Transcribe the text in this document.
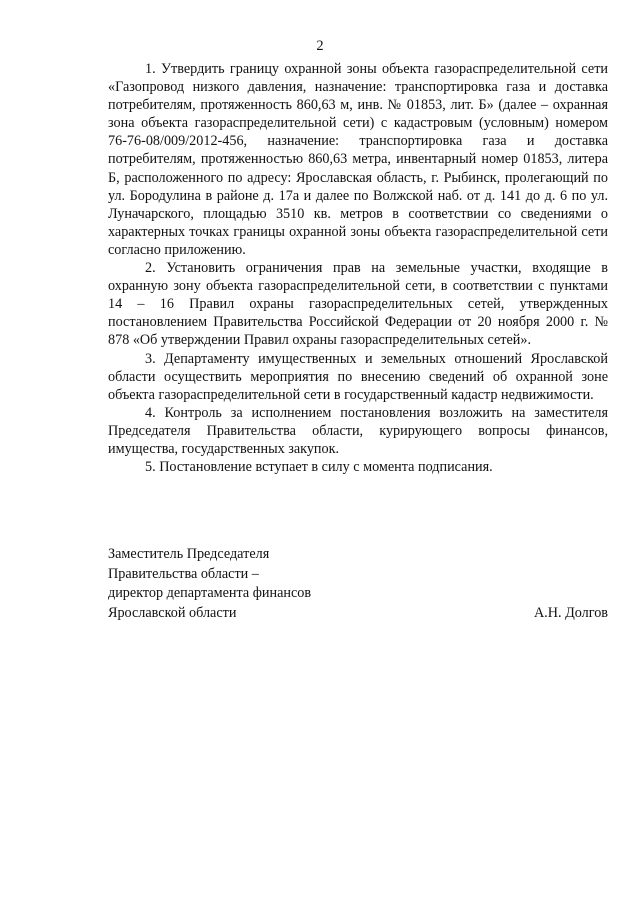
2

1. Утвердить границу охранной зоны объекта газораспределительной сети «Газопровод низкого давления, назначение: транспортировка газа и доставка потребителям, протяженность 860,63 м, инв. № 01853, лит. Б» (далее – охранная зона объекта газораспределительной сети) с кадастровым (условным) номером 76-76-08/009/2012-456, назначение: транспортировка газа и доставка потребителям, протяженностью 860,63 метра, инвентарный номер 01853, литера Б, расположенного по адресу: Ярославская область, г. Рыбинск, пролегающий по ул. Бородулина в районе д. 17а и далее по Волжской наб. от д. 141 до д. 6 по ул. Луначарского, площадью 3510 кв. метров в соответствии со сведениями о характерных точках границы охранной зоны объекта газораспределительной сети согласно приложению.

2. Установить ограничения прав на земельные участки, входящие в охранную зону объекта газораспределительной сети, в соответствии с пунктами 14 – 16 Правил охраны газораспределительных сетей, утвержденных постановлением Правительства Российской Федерации от 20 ноября 2000 г. № 878 «Об утверждении Правил охраны газораспределительных сетей».

3. Департаменту имущественных и земельных отношений Ярославской области осуществить мероприятия по внесению сведений об охранной зоне объекта газораспределительной сети в государственный кадастр недвижимости.

4. Контроль за исполнением постановления возложить на заместителя Председателя Правительства области, курирующего вопросы финансов, имущества, государственных закупок.

5. Постановление вступает в силу с момента подписания.

Заместитель Председателя
Правительства области –
директор департамента финансов
Ярославской области	А.Н. Долгов
